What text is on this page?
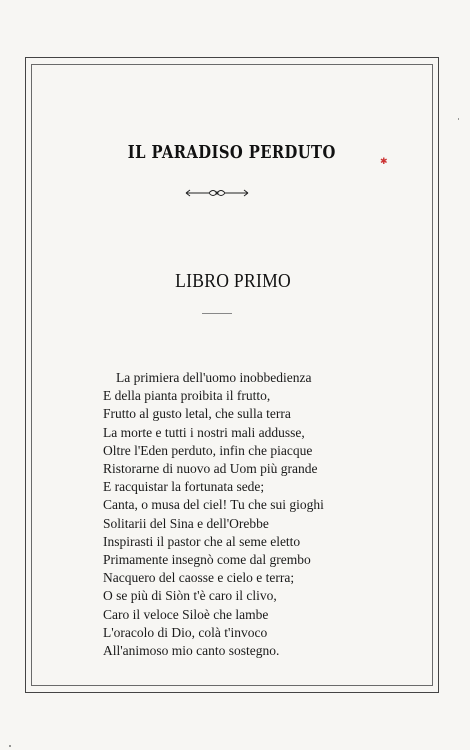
IL PARADISO PERDUTO	✱
LIBRO PRIMO
La primiera dell'uomo inobbedienza
E della pianta proibita il frutto,
Frutto al gusto letal, che sulla terra
La morte e tutti i nostri mali addusse,
Oltre l'Eden perduto, infin che piacque
Ristorarne di nuovo ad Uom più grande
E racquistar la fortunata sede;
Canta, o musa del ciel! Tu che sui gioghi
Solitarii del Sina e dell'Orebbe
Inspirasti il pastor che al seme eletto
Primamente insegnò come dal grembo
Nacquero del caosse e cielo e terra;
O se più di Siòn t'è caro il clivo,
Caro il veloce Siloè che lambe
L'oracolo di Dio, colà t'invoco
All'animoso mio canto sostegno.
